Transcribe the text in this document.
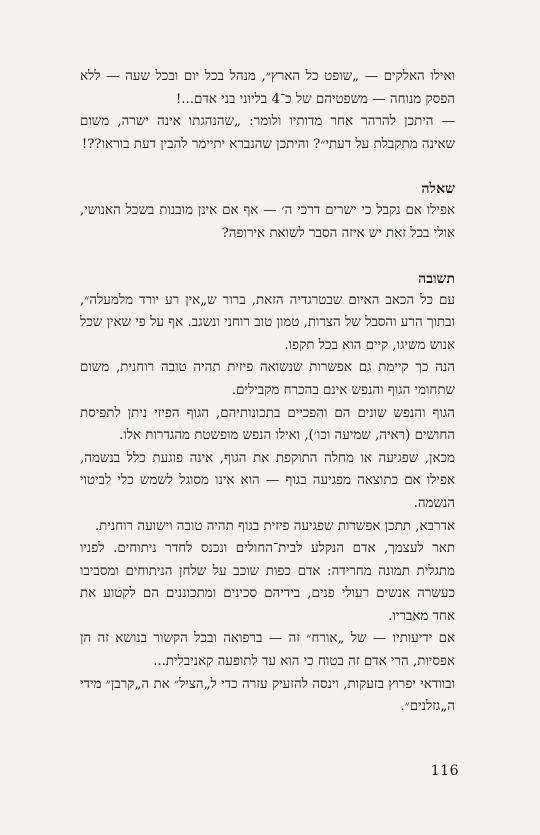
ואילו האלקים — „שופט כל הארץ״, מנהל בכל יום ובכל שעה — ללא הפסק מנוחה — משפטיהם של כ־4 בליוני בני אדם...!

— היתכן להרהר אחר מדותיו ולומר: „שהנהגתו אינה ישרה, משום שאינה מתקבלת על דעתי״? והיתכן שהנברא יתיימר להבין דעת בוראו??!

שאלה

אפילו אם נקבל כי ישרים דרכי ה׳ — אף אם אינן מובנות בשכל האנושי, אולי בכל זאת יש איזה הסבר לשואת אירופה?

תשובה

עם כל הכאב האיום שבטרגדיה הזאת, ברור ש„אין רע יורד מלמעלה״, ובתוך הרע והסבל של הצרות, טמון טוב רוחני ונשגב. אף על פי שאין שכל אנוש משיגו, קיים הוא בכל תקפו.

הנה כך קיימת גם אפשרות שנשואה פיזית תהיה טובה רוחנית, משום שתחומי הגוף והנפש אינם בהכרח מקבילים.

הגוף והנפש שונים הם והפכיים בתכונותיהם, הגוף הפיזי ניתן לתפיסת החושים (ראיה, שמיעה וכו׳), ואילו הנפש מופשטת מהגדרות אלו.

מכאן, שפגיעה או מחלה התוקפת את הגוף, אינה פוגעת כלל בנשמה, אפילו אם כתוצאה מפגיעה בגוף — הוא אינו מסוגל לשמש כלי לביטוי הנשמה.

אדרבא, תתכן אפשרות שפגיעה פיזית בגוף תהיה טובה וישועה רוחנית.

תאר לעצמך, אדם הנקלע לבית־החולים ונכנס לחדר ניתוחים. לפניו מתגלית תמונה מחרידה: אדם כפות שוכב על שלחן הניתוחים ומסביבו כעשרה אנשים רעולי פנים, בידיהם סכינים ומתכוננים הם לקטוע את אחד מאבריו.

אם ידיעותיו — של „אורח״ זה — ברפואה ובכל הקשור בנושא זה הן אפסיות, הרי אדם זה בטוח כי הוא עד לתופעה קאניבלית...

ובוודאי יפרוץ בזעקות, וינסה להזעיק עזרה כדי ל„הציל״ את ה„קרבן״ מידי ה„גזלנים״.

116
